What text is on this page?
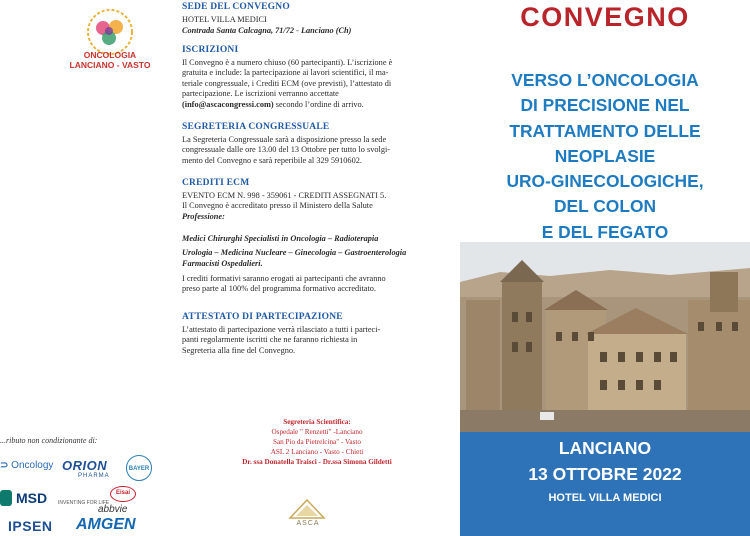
ONCOLOGIA
LANCIANO - VASTO
...ributo non condizionante di:
⊃ Oncology ORION
PHARMA
BAYER
MSD INVENTING FOR LIFE
Eisai
abbvie
IPSEN AMGEN
SEDE DEL CONVEGNO
HOTEL VILLA MEDICI
Contrada Santa Calcagna, 71/72 - Lanciano (Ch)
ISCRIZIONI
Il Convegno è a numero chiuso (60 partecipanti). L’iscrizione è
gratuita e include: la partecipazione ai lavori scientifici, il ma-
teriale congressuale, i Crediti ECM (ove previsti), l’attestato di
partecipazione. Le iscrizioni verranno accettate
(info@ascacongressi.com) secondo l’ordine di arrivo.
SEGRETERIA CONGRESSUALE
La Segreteria Congressuale sarà a disposizione presso la sede
congressuale dalle ore 13.00 del 13 Ottobre per tutto lo svolgi-
mento del Convegno e sarà reperibile al 329 5910602.
CREDITI ECM
EVENTO ECM N. 998 - 359061 - CREDITI ASSEGNATI 5.
Il Convegno è accreditato presso il Ministero della Salute
Professione:
Medici Chirurghi Specialisti in Oncologia – Radioterapia
Urologia – Medicina Nucleare – Ginecologia – Gastroenterologia
Farmacisti Ospedalieri.
I crediti formativi saranno erogati ai partecipanti che avranno
preso parte al 100% del programma formativo accreditato.
ATTESTATO DI PARTECIPAZIONE
L’attestato di partecipazione verrà rilasciato a tutti i parteci-
panti regolarmente iscritti che ne faranno richiesta in
Segreteria alla fine del Convegno.
Segreteria Scientifica:
Ospedale " Renzetti" -Lanciano
San Pio da Pietrelcina" - Vasto
ASL 2 Lanciano - Vasto - Chieti
Dr. ssa Donatella Traisci - Dr.ssa Simona Gildetti
ASCA
CONVEGNO
VERSO L’ONCOLOGIA
DI PRECISIONE NEL
TRATTAMENTO DELLE
NEOPLASIE
URO-GINECOLOGICHE,
DEL COLON
E DEL FEGATO
LANCIANO
13 OTTOBRE 2022
HOTEL VILLA MEDICI
